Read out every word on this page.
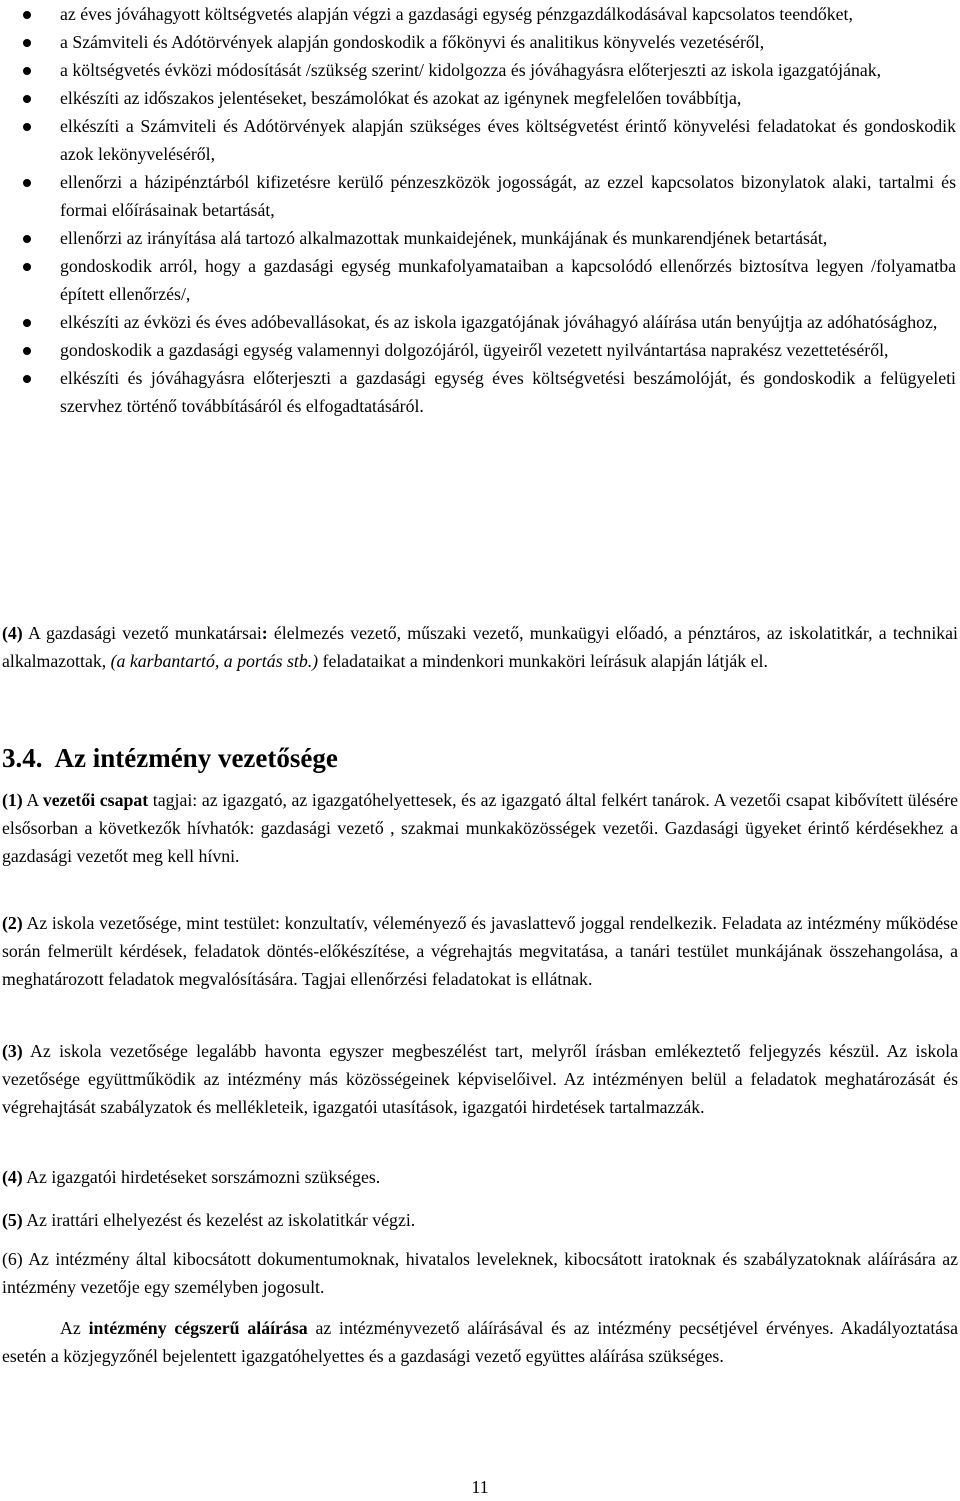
az éves jóváhagyott költségvetés alapján végzi a gazdasági egység pénzgazdálkodásával kapcsolatos teendőket,
a Számviteli és Adótörvények alapján gondoskodik a főkönyvi és analitikus könyvelés vezetéséről,
a költségvetés évközi módosítását /szükség szerint/ kidolgozza és jóváhagyásra előterjeszti az iskola igazgatójának,
elkészíti az időszakos jelentéseket, beszámolókat és azokat az igénynek megfelelően továbbítja,
elkészíti a Számviteli és Adótörvények alapján szükséges éves költségvetést érintő könyvelési feladatokat és gondoskodik azok lekönyveléséről,
ellenőrzi a házipénztárból kifizetésre kerülő pénzeszközök jogosságát, az ezzel kapcsolatos bizonylatok alaki, tartalmi és formai előírásainak betartását,
ellenőrzi az irányítása alá tartozó alkalmazottak munkaidejének, munkájának és munkarendjének betartását,
gondoskodik arról, hogy a gazdasági egység munkafolyamataiban a kapcsolódó ellenőrzés biztosítva legyen /folyamatba épített ellenőrzés/,
elkészíti az évközi és éves adóbevallásokat, és az iskola igazgatójának jóváhagyó aláírása után benyújtja az adóhatósághoz,
gondoskodik a gazdasági egység valamennyi dolgozójáról, ügyeiről vezetett nyilvántartása naprakész vezettetéséről,
elkészíti és jóváhagyásra előterjeszti a gazdasági egység éves költségvetési beszámolóját, és gondoskodik a felügyeleti szervhez történő továbbításáról és elfogadtatásáról.

(4) A gazdasági vezető munkatársai: élelmezés vezető, műszaki vezető, munkaügyi előadó, a pénztáros, az iskolatitkár, a technikai alkalmazottak, (a karbantartó, a portás stb.) feladataikat a mindenkori munkaköri leírásuk alapján látják el.

3.4. Az intézmény vezetősége

(1) A vezetői csapat tagjai: az igazgató, az igazgatóhelyettesek, és az igazgató által felkért tanárok. A vezetői csapat kibővített ülésére elsősorban a következők hívhatók: gazdasági vezető , szakmai munkaközösségek vezetői. Gazdasági ügyeket érintő kérdésekhez a gazdasági vezetőt meg kell hívni.

(2) Az iskola vezetősége, mint testület: konzultatív, véleményező és javaslattevő joggal rendelkezik. Feladata az intézmény működése során felmerült kérdések, feladatok döntés-előkészítése, a végrehajtás megvitatása, a tanári testület munkájának összehangolása, a meghatározott feladatok megvalósítására. Tagjai ellenőrzési feladatokat is ellátnak.

(3) Az iskola vezetősége legalább havonta egyszer megbeszélést tart, melyről írásban emlékeztető feljegyzés készül. Az iskola vezetősége együttműködik az intézmény más közösségeinek képviselőivel. Az intézményen belül a feladatok meghatározását és végrehajtását szabályzatok és mellékleteik, igazgatói utasítások, igazgatói hirdetések tartalmazzák.

(4) Az igazgatói hirdetéseket sorszámozni szükséges.

(5) Az irattári elhelyezést és kezelést az iskolatitkár végzi.

(6) Az intézmény által kibocsátott dokumentumoknak, hivatalos leveleknek, kibocsátott iratoknak és szabályzatoknak aláírására az intézmény vezetője egy személyben jogosult.

Az intézmény cégszerű aláírása az intézményvezető aláírásával és az intézmény pecsétjével érvényes. Akadályoztatása esetén a közjegyzőnél bejelentett igazgatóhelyettes és a gazdasági vezető együttes aláírása szükséges.

11
